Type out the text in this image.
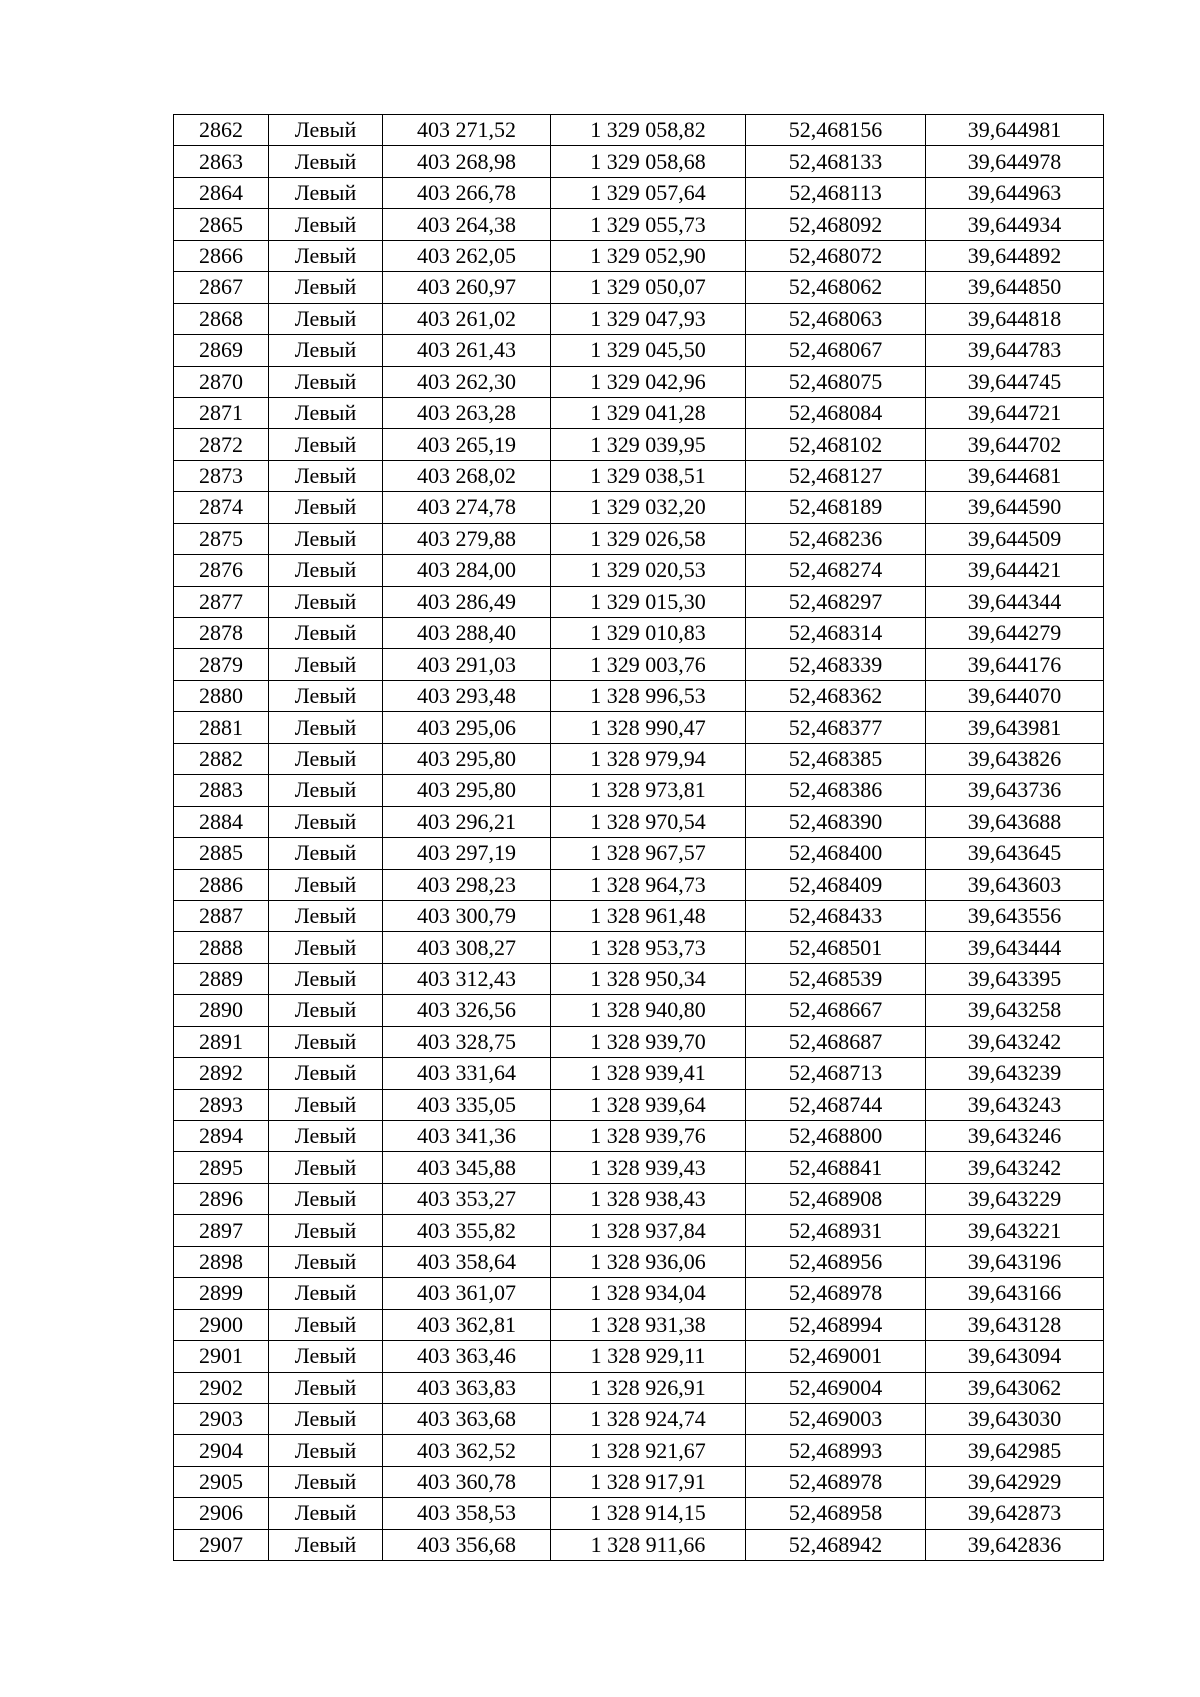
2862	Левый	403 271,52	1 329 058,82	52,468156	39,644981
2863	Левый	403 268,98	1 329 058,68	52,468133	39,644978
2864	Левый	403 266,78	1 329 057,64	52,468113	39,644963
2865	Левый	403 264,38	1 329 055,73	52,468092	39,644934
2866	Левый	403 262,05	1 329 052,90	52,468072	39,644892
2867	Левый	403 260,97	1 329 050,07	52,468062	39,644850
2868	Левый	403 261,02	1 329 047,93	52,468063	39,644818
2869	Левый	403 261,43	1 329 045,50	52,468067	39,644783
2870	Левый	403 262,30	1 329 042,96	52,468075	39,644745
2871	Левый	403 263,28	1 329 041,28	52,468084	39,644721
2872	Левый	403 265,19	1 329 039,95	52,468102	39,644702
2873	Левый	403 268,02	1 329 038,51	52,468127	39,644681
2874	Левый	403 274,78	1 329 032,20	52,468189	39,644590
2875	Левый	403 279,88	1 329 026,58	52,468236	39,644509
2876	Левый	403 284,00	1 329 020,53	52,468274	39,644421
2877	Левый	403 286,49	1 329 015,30	52,468297	39,644344
2878	Левый	403 288,40	1 329 010,83	52,468314	39,644279
2879	Левый	403 291,03	1 329 003,76	52,468339	39,644176
2880	Левый	403 293,48	1 328 996,53	52,468362	39,644070
2881	Левый	403 295,06	1 328 990,47	52,468377	39,643981
2882	Левый	403 295,80	1 328 979,94	52,468385	39,643826
2883	Левый	403 295,80	1 328 973,81	52,468386	39,643736
2884	Левый	403 296,21	1 328 970,54	52,468390	39,643688
2885	Левый	403 297,19	1 328 967,57	52,468400	39,643645
2886	Левый	403 298,23	1 328 964,73	52,468409	39,643603
2887	Левый	403 300,79	1 328 961,48	52,468433	39,643556
2888	Левый	403 308,27	1 328 953,73	52,468501	39,643444
2889	Левый	403 312,43	1 328 950,34	52,468539	39,643395
2890	Левый	403 326,56	1 328 940,80	52,468667	39,643258
2891	Левый	403 328,75	1 328 939,70	52,468687	39,643242
2892	Левый	403 331,64	1 328 939,41	52,468713	39,643239
2893	Левый	403 335,05	1 328 939,64	52,468744	39,643243
2894	Левый	403 341,36	1 328 939,76	52,468800	39,643246
2895	Левый	403 345,88	1 328 939,43	52,468841	39,643242
2896	Левый	403 353,27	1 328 938,43	52,468908	39,643229
2897	Левый	403 355,82	1 328 937,84	52,468931	39,643221
2898	Левый	403 358,64	1 328 936,06	52,468956	39,643196
2899	Левый	403 361,07	1 328 934,04	52,468978	39,643166
2900	Левый	403 362,81	1 328 931,38	52,468994	39,643128
2901	Левый	403 363,46	1 328 929,11	52,469001	39,643094
2902	Левый	403 363,83	1 328 926,91	52,469004	39,643062
2903	Левый	403 363,68	1 328 924,74	52,469003	39,643030
2904	Левый	403 362,52	1 328 921,67	52,468993	39,642985
2905	Левый	403 360,78	1 328 917,91	52,468978	39,642929
2906	Левый	403 358,53	1 328 914,15	52,468958	39,642873
2907	Левый	403 356,68	1 328 911,66	52,468942	39,642836
